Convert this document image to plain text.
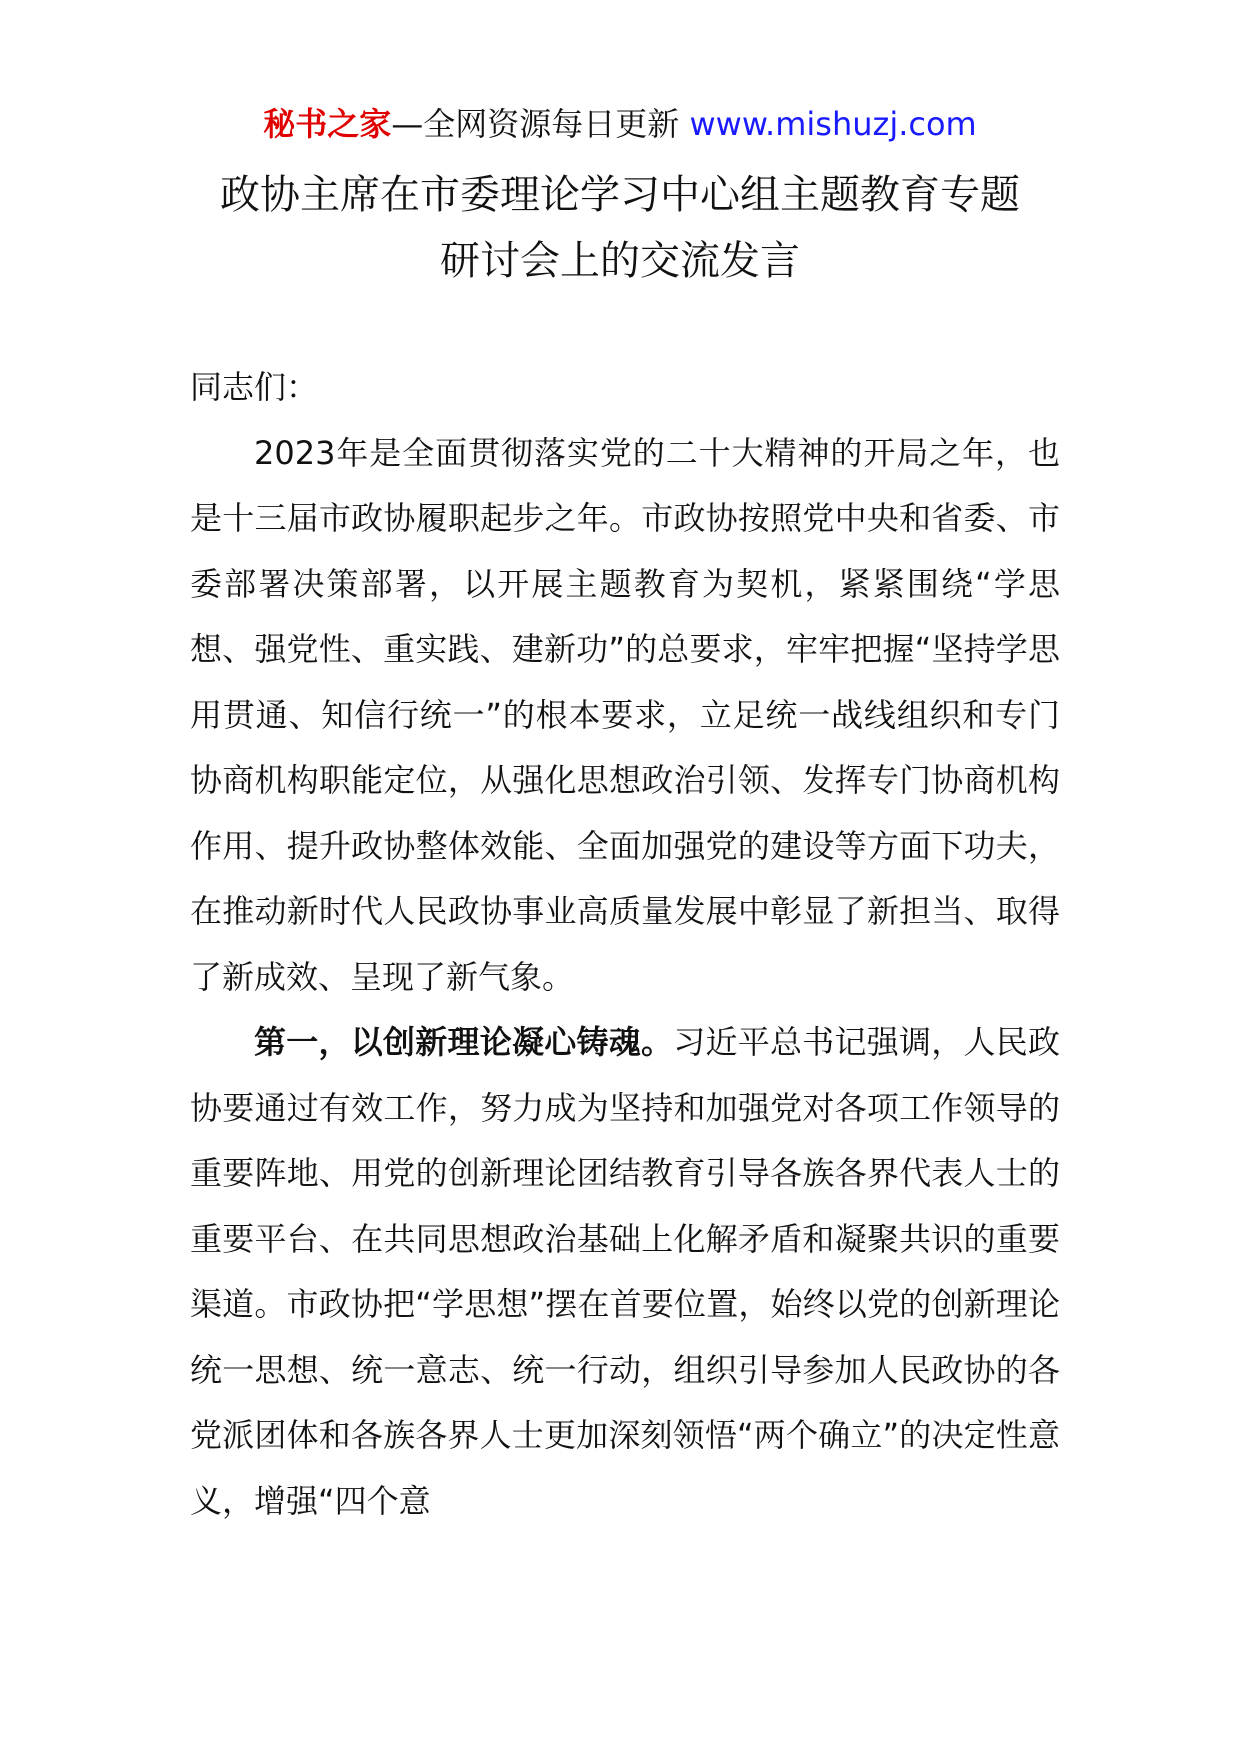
秘书之家—全网资源每日更新 www.mishuzj.com
政协主席在市委理论学习中心组主题教育专题
研讨会上的交流发言

同志们：

2023年是全面贯彻落实党的二十大精神的开局之年，也是十三届市政协履职起步之年。市政协按照党中央和省委、市委部署决策部署，以开展主题教育为契机，紧紧围绕“学思想、强党性、重实践、建新功”的总要求，牢牢把握“坚持学思用贯通、知信行统一”的根本要求，立足统一战线组织和专门协商机构职能定位，从强化思想政治引领、发挥专门协商机构作用、提升政协整体效能、全面加强党的建设等方面下功夫，在推动新时代人民政协事业高质量发展中彰显了新担当、取得了新成效、呈现了新气象。

第一，以创新理论凝心铸魂。习近平总书记强调，人民政协要通过有效工作，努力成为坚持和加强党对各项工作领导的重要阵地、用党的创新理论团结教育引导各族各界代表人士的重要平台、在共同思想政治基础上化解矛盾和凝聚共识的重要渠道。市政协把“学思想”摆在首要位置，始终以党的创新理论统一思想、统一意志、统一行动，组织引导参加人民政协的各党派团体和各族各界人士更加深刻领悟“两个确立”的决定性意义，增强“四个意
